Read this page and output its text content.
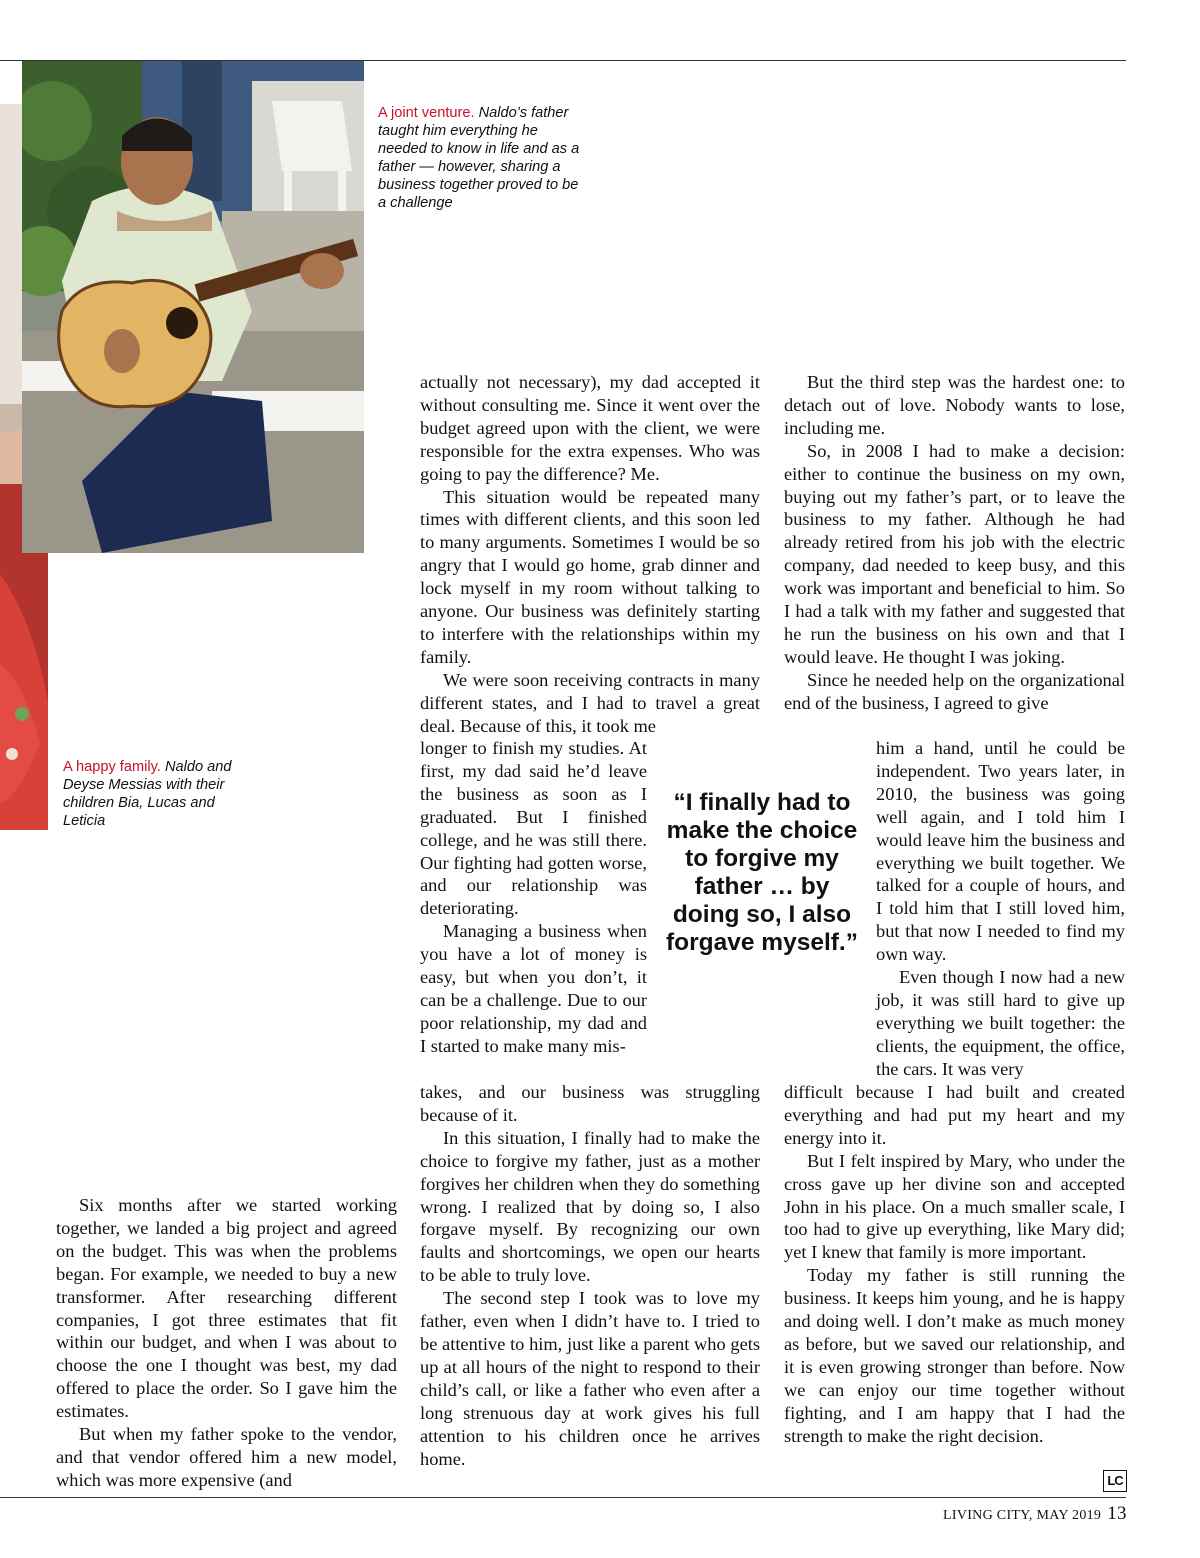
A joint venture. Naldo’s father taught him everything he needed to know in life and as a father — however, sharing a business together proved to be a challenge

A happy family. Naldo and Deyse Messias with their children Bia, Lucas and Leticia

Six months after we started working together, we landed a big project and agreed on the budget. This was when the problems began. For example, we needed to buy a new transformer. After researching different companies, I got three estimates that fit within our budget, and when I was about to choose the one I thought was best, my dad offered to place the order. So I gave him the estimates.

But when my father spoke to the vendor, and that vendor offered him a new model, which was more expensive (and

actually not necessary), my dad accepted it without consulting me. Since it went over the budget agreed upon with the client, we were responsible for the extra expenses. Who was going to pay the difference? Me.

This situation would be repeated many times with different clients, and this soon led to many arguments. Sometimes I would be so angry that I would go home, grab dinner and lock myself in my room without talking to anyone. Our business was definitely starting to interfere with the relationships within my family.

We were soon receiving contracts in many different states, and I had to travel a great deal. Because of this, it took me

longer to finish my studies. At first, my dad said he’d leave the business as soon as I graduated. But I finished college, and he was still there. Our fighting had gotten worse, and our relationship was deteriorating.

Managing a business when you have a lot of money is easy, but when you don’t, it can be a challenge. Due to our poor relationship, my dad and I started to make many mis-

takes, and our business was struggling because of it.

In this situation, I finally had to make the choice to forgive my father, just as a mother forgives her children when they do something wrong. I realized that by doing so, I also forgave myself. By recognizing our own faults and shortcomings, we open our hearts to be able to truly love.

The second step I took was to love my father, even when I didn’t have to. I tried to be attentive to him, just like a parent who gets up at all hours of the night to respond to their child’s call, or like a father who even after a long strenuous day at work gives his full attention to his children once he arrives home.

“I finally had to make the choice to forgive my father … by doing so, I also forgave myself.”

But the third step was the hardest one: to detach out of love. Nobody wants to lose, including me.

So, in 2008 I had to make a decision: either to continue the business on my own, buying out my father’s part, or to leave the business to my father. Although he had already retired from his job with the electric company, dad needed to keep busy, and this work was important and beneficial to him. So I had a talk with my father and suggested that he run the business on his own and that I would leave. He thought I was joking.

Since he needed help on the organizational end of the business, I agreed to give

him a hand, until he could be independent. Two years later, in 2010, the business was going well again, and I told him I would leave him the business and everything we built together. We talked for a couple of hours, and I told him that I still loved him, but that now I needed to find my own way.

Even though I now had a new job, it was still hard to give up everything we built together: the clients, the equipment, the office, the cars. It was very

difficult because I had built and created everything and had put my heart and my energy into it.

But I felt inspired by Mary, who under the cross gave up her divine son and accepted John in his place. On a much smaller scale, I too had to give up everything, like Mary did; yet I knew that family is more important.

Today my father is still running the business. It keeps him young, and he is happy and doing well. I don’t make as much money as before, but we saved our relationship, and it is even growing stronger than before. Now we can enjoy our time together without fighting, and I am happy that I had the strength to make the right decision.

LC
LIVING CITY, MAY 2019 13
